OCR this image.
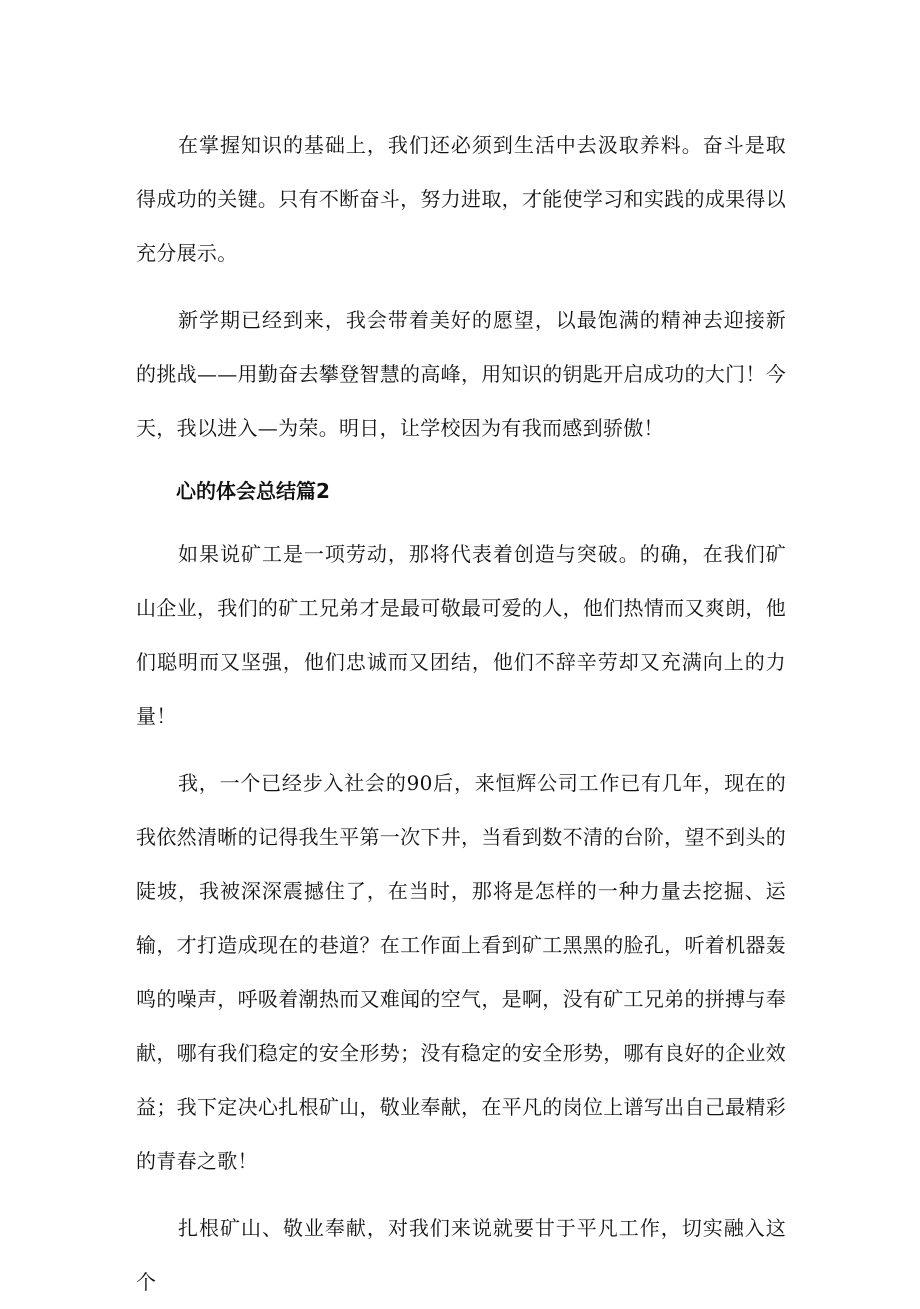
在掌握知识的基础上，我们还必须到生活中去汲取养料。奋斗是取得成功的关键。只有不断奋斗，努力进取，才能使学习和实践的成果得以充分展示。

新学期已经到来，我会带着美好的愿望，以最饱满的精神去迎接新的挑战——用勤奋去攀登智慧的高峰，用知识的钥匙开启成功的大门！今天，我以进入—为荣。明日，让学校因为有我而感到骄傲！

心的体会总结篇2

如果说矿工是一项劳动，那将代表着创造与突破。的确，在我们矿山企业，我们的矿工兄弟才是最可敬最可爱的人，他们热情而又爽朗，他们聪明而又坚强，他们忠诚而又团结，他们不辞辛劳却又充满向上的力量！

我，一个已经步入社会的90后，来恒辉公司工作已有几年，现在的我依然清晰的记得我生平第一次下井，当看到数不清的台阶，望不到头的陡坡，我被深深震撼住了，在当时，那将是怎样的一种力量去挖掘、运输，才打造成现在的巷道？在工作面上看到矿工黑黑的脸孔，听着机器轰鸣的噪声，呼吸着潮热而又难闻的空气，是啊，没有矿工兄弟的拼搏与奉献，哪有我们稳定的安全形势；没有稳定的安全形势，哪有良好的企业效益；我下定决心扎根矿山，敬业奉献，在平凡的岗位上谱写出自己最精彩的青春之歌！

扎根矿山、敬业奉献，对我们来说就要甘于平凡工作，切实融入这个
